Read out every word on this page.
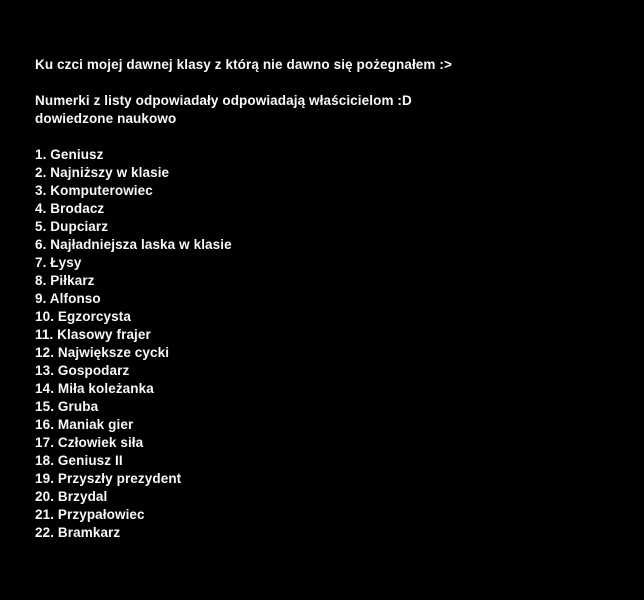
Ku czci mojej dawnej klasy z którą nie dawno się pożegnałem :>

Numerki z listy odpowiadały odpowiadają właścicielom :D
dowiedzone naukowo

1. Geniusz
2. Najniższy w klasie
3. Komputerowiec
4. Brodacz
5. Dupciarz
6. Najładniejsza laska w klasie
7. Łysy
8. Piłkarz
9. Alfonso
10. Egzorcysta
11. Klasowy frajer
12. Największe cycki
13. Gospodarz
14. Miła koleżanka
15. Gruba
16. Maniak gier
17. Człowiek siła
18. Geniusz II
19. Przyszły prezydent
20. Brzydal
21. Przypałowiec
22. Bramkarz
